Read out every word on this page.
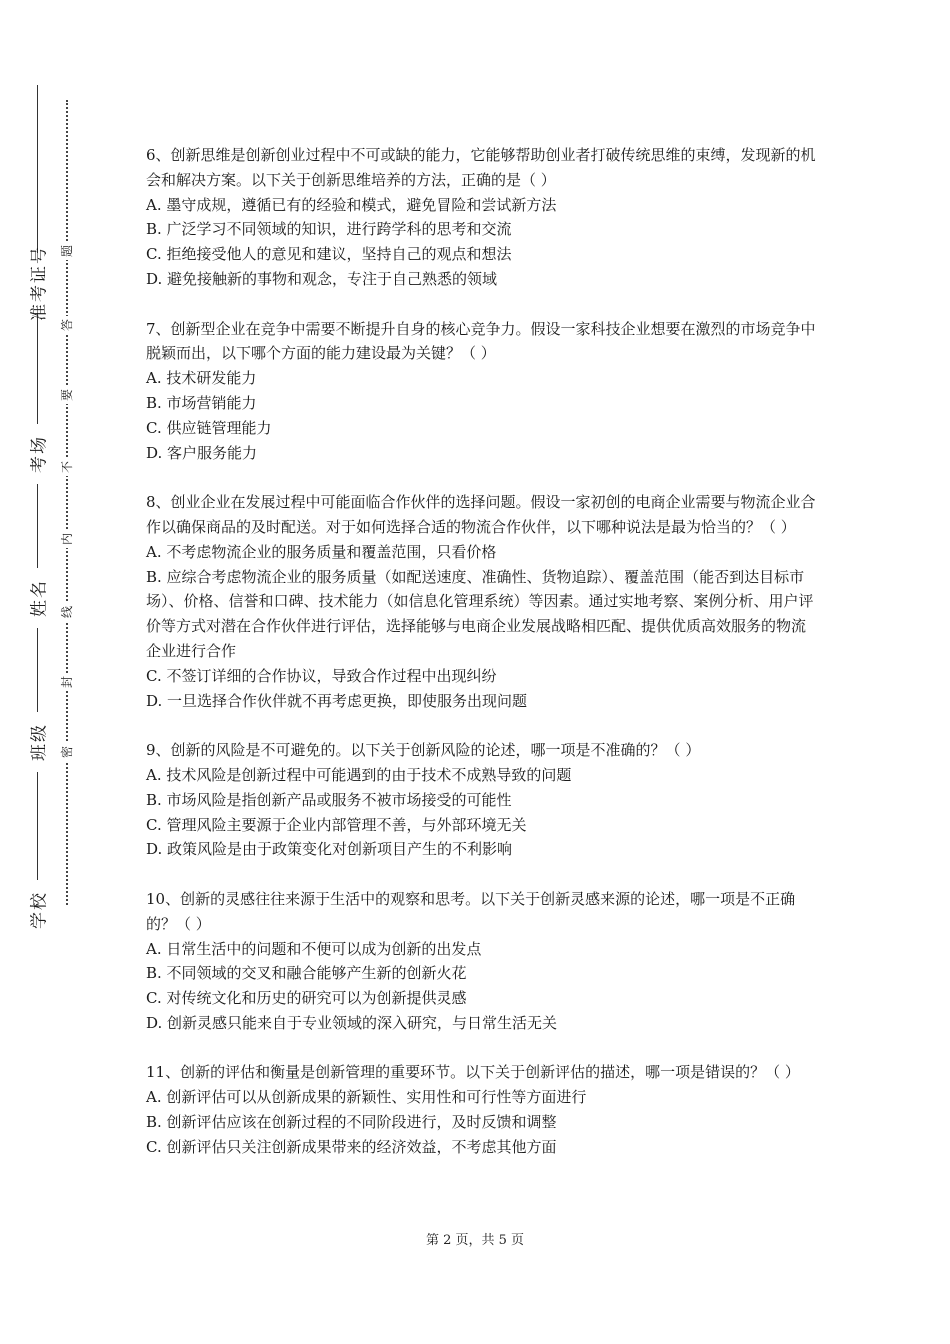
准考证号
考场
姓名
班级
学校
题
答
要
不
内
线
封
密

6、创新思维是创新创业过程中不可或缺的能力，它能够帮助创业者打破传统思维的束缚，发现新的机会和解决方案。以下关于创新思维培养的方法，正确的是（ ）

A. 墨守成规，遵循已有的经验和模式，避免冒险和尝试新方法

B. 广泛学习不同领域的知识，进行跨学科的思考和交流

C. 拒绝接受他人的意见和建议，坚持自己的观点和想法

D. 避免接触新的事物和观念，专注于自己熟悉的领域

7、创新型企业在竞争中需要不断提升自身的核心竞争力。假设一家科技企业想要在激烈的市场竞争中脱颖而出，以下哪个方面的能力建设最为关键？（ ）

A. 技术研发能力

B. 市场营销能力

C. 供应链管理能力

D. 客户服务能力

8、创业企业在发展过程中可能面临合作伙伴的选择问题。假设一家初创的电商企业需要与物流企业合作以确保商品的及时配送。对于如何选择合适的物流合作伙伴，以下哪种说法是最为恰当的？（ ）

A. 不考虑物流企业的服务质量和覆盖范围，只看价格

B. 应综合考虑物流企业的服务质量（如配送速度、准确性、货物追踪）、覆盖范围（能否到达目标市场）、价格、信誉和口碑、技术能力（如信息化管理系统）等因素。通过实地考察、案例分析、用户评价等方式对潜在合作伙伴进行评估，选择能够与电商企业发展战略相匹配、提供优质高效服务的物流企业进行合作

C. 不签订详细的合作协议，导致合作过程中出现纠纷

D. 一旦选择合作伙伴就不再考虑更换，即使服务出现问题

9、创新的风险是不可避免的。以下关于创新风险的论述，哪一项是不准确的？（ ）

A. 技术风险是创新过程中可能遇到的由于技术不成熟导致的问题

B. 市场风险是指创新产品或服务不被市场接受的可能性

C. 管理风险主要源于企业内部管理不善，与外部环境无关

D. 政策风险是由于政策变化对创新项目产生的不利影响

10、创新的灵感往往来源于生活中的观察和思考。以下关于创新灵感来源的论述，哪一项是不正确的？（ ）

A. 日常生活中的问题和不便可以成为创新的出发点

B. 不同领域的交叉和融合能够产生新的创新火花

C. 对传统文化和历史的研究可以为创新提供灵感

D. 创新灵感只能来自于专业领域的深入研究，与日常生活无关

11、创新的评估和衡量是创新管理的重要环节。以下关于创新评估的描述，哪一项是错误的？（ ）

A. 创新评估可以从创新成果的新颖性、实用性和可行性等方面进行

B. 创新评估应该在创新过程的不同阶段进行，及时反馈和调整

C. 创新评估只关注创新成果带来的经济效益，不考虑其他方面

第 2 页，共 5 页
